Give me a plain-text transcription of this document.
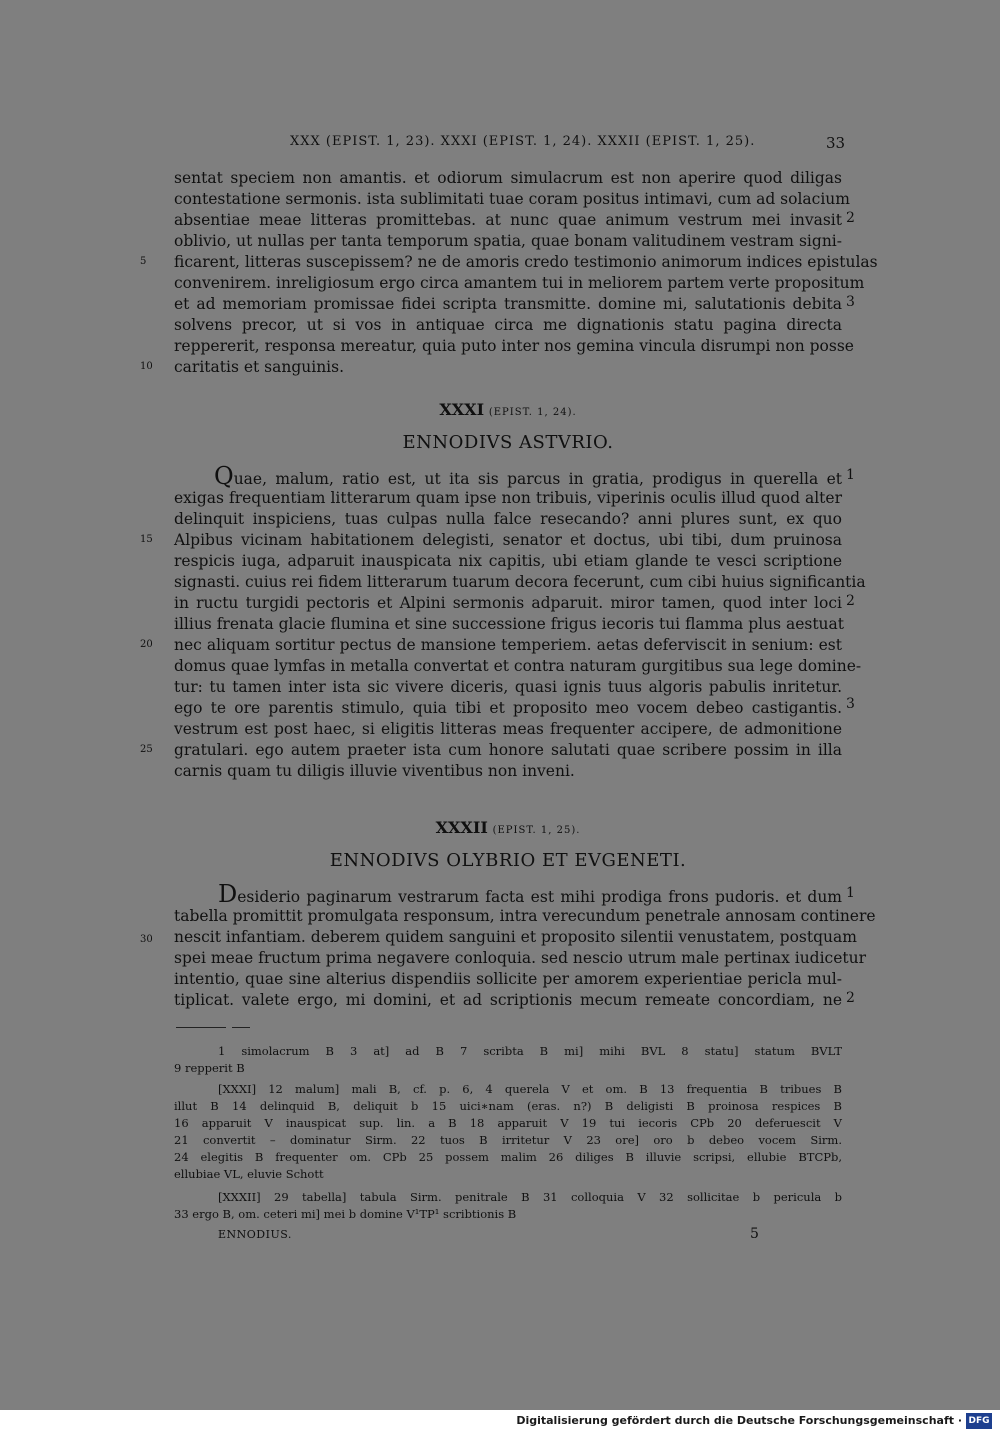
XXX (EPIST. 1, 23). XXXI (EPIST. 1, 24). XXXII (EPIST. 1, 25).	33
sentat speciem non amantis. et odiorum simulacrum est non aperire quod diligas
contestatione sermonis. ista sublimitati tuae coram positus intimavi, cum ad solacium
absentiae meae litteras promittebas. at nunc quae animum vestrum mei invasit
oblivio, ut nullas per tanta temporum spatia, quae bonam valitudinem vestram signi-
ficarent, litteras suscepissem? ne de amoris credo testimonio animorum indices epistulas
convenirem. inreligiosum ergo circa amantem tui in meliorem partem verte propositum
et ad memoriam promissae fidei scripta transmitte. domine mi, salutationis debita
solvens precor, ut si vos in antiquae circa me dignationis statu pagina directa
reppererit, responsa mereatur, quia puto inter nos gemina vincula disrumpi non posse
caritatis et sanguinis.
2
3
5
10
XXXI (EPIST. 1, 24).
ENNODIVS ASTVRIO.
Quae, malum, ratio est, ut ita sis parcus in gratia, prodigus in querella et
exigas frequentiam litterarum quam ipse non tribuis, viperinis oculis illud quod alter
delinquit inspiciens, tuas culpas nulla falce resecando? anni plures sunt, ex quo
Alpibus vicinam habitationem delegisti, senator et doctus, ubi tibi, dum pruinosa
respicis iuga, adparuit inauspicata nix capitis, ubi etiam glande te vesci scriptione
signasti. cuius rei fidem litterarum tuarum decora fecerunt, cum cibi huius significantia
in ructu turgidi pectoris et Alpini sermonis adparuit. miror tamen, quod inter loci
illius frenata glacie flumina et sine successione frigus iecoris tui flamma plus aestuat
nec aliquam sortitur pectus de mansione temperiem. aetas deferviscit in senium: est
domus quae lymfas in metalla convertat et contra naturam gurgitibus sua lege domine-
tur: tu tamen inter ista sic vivere diceris, quasi ignis tuus algoris pabulis inritetur.
ego te ore parentis stimulo, quia tibi et proposito meo vocem debeo castigantis.
vestrum est post haec, si eligitis litteras meas frequenter accipere, de admonitione
gratulari. ego autem praeter ista cum honore salutati quae scribere possim in illa
carnis quam tu diligis illuvie viventibus non inveni.
1
2
3
15
20
25
XXXII (EPIST. 1, 25).
ENNODIVS OLYBRIO ET EVGENETI.
Desiderio paginarum vestrarum facta est mihi prodiga frons pudoris. et dum
tabella promittit promulgata responsum, intra verecundum penetrale annosam continere
nescit infantiam. deberem quidem sanguini et proposito silentii venustatem, postquam
spei meae fructum prima negavere conloquia. sed nescio utrum male pertinax iudicetur
intentio, quae sine alterius dispendiis sollicite per amorem experientiae pericla mul-
tiplicat. valete ergo, mi domini, et ad scriptionis mecum remeate concordiam, ne
1
2
30
1 simolacrum B 3 at] ad B 7 scribta B mi] mihi BVL 8 statu] statum BVLT
9 repperit B
[XXXI] 12 malum] mali B, cf. p. 6, 4 querela V et om. B 13 frequentia B tribues B
illut B 14 delinquid B, deliquit b 15 uici∗nam (eras. n?) B deligisti B proinosa respices B
16 apparuit V inauspicat sup. lin. a B 18 apparuit V 19 tui iecoris CPb 20 deferuescit V
21 convertit – dominatur Sirm. 22 tuos B irritetur V 23 ore] oro b debeo vocem Sirm.
24 elegitis B frequenter om. CPb 25 possem malim 26 diliges B illuvie scripsi, ellubie BTCPb,
ellubiae VL, eluvie Schott
[XXXII] 29 tabella] tabula Sirm. penitrale B 31 colloquia V 32 sollicitae b pericula b
33 ergo B, om. ceteri mi] mei b domine V¹TP¹ scribtionis B
ENNODIUS.	5
Digitalisierung gefördert durch die Deutsche Forschungsgemeinschaft · DFG
